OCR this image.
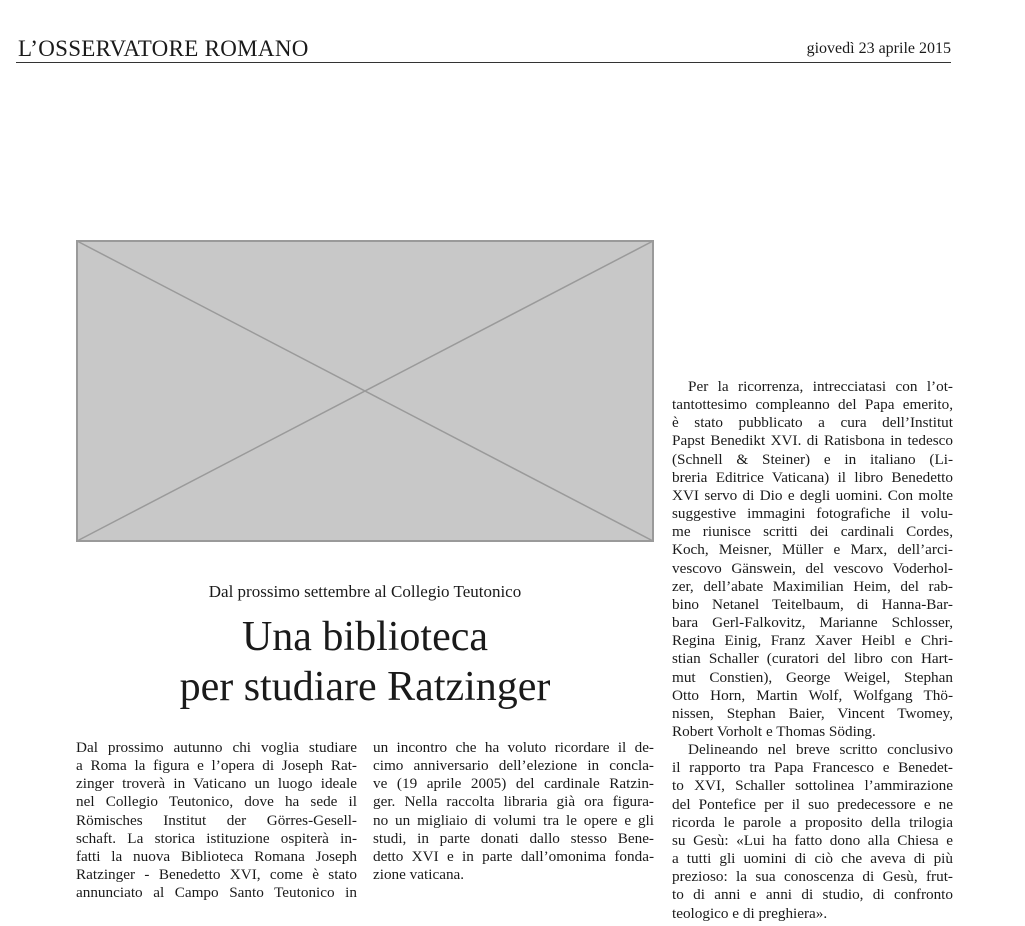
L’OSSERVATORE ROMANO	giovedì 23 aprile 2015
Dal prossimo settembre al Collegio Teutonico
Una biblioteca
per studiare Ratzinger
Dal prossimo autunno chi voglia studiare
a Roma la figura e l’opera di Joseph Rat-
zinger troverà in Vaticano un luogo ideale
nel Collegio Teutonico, dove ha sede il
Römisches Institut der Görres-Gesell-
schaft. La storica istituzione ospiterà in-
fatti la nuova Biblioteca Romana Joseph
Ratzinger - Benedetto XVI, come è stato
annunciato al Campo Santo Teutonico in
un incontro che ha voluto ricordare il de-
cimo anniversario dell’elezione in concla-
ve (19 aprile 2005) del cardinale Ratzin-
ger. Nella raccolta libraria già ora figura-
no un migliaio di volumi tra le opere e gli
studi, in parte donati dallo stesso Bene-
detto XVI e in parte dall’omonima fonda-
zione vaticana.
Per la ricorrenza, intrecciatasi con l’ot-
tantottesimo compleanno del Papa emerito,
è stato pubblicato a cura dell’Institut
Papst Benedikt XVI. di Ratisbona in tedesco
(Schnell & Steiner) e in italiano (Li-
breria Editrice Vaticana) il libro Benedetto
XVI servo di Dio e degli uomini. Con molte
suggestive immagini fotografiche il volu-
me riunisce scritti dei cardinali Cordes,
Koch, Meisner, Müller e Marx, dell’arci-
vescovo Gänswein, del vescovo Voderhol-
zer, dell’abate Maximilian Heim, del rab-
bino Netanel Teitelbaum, di Hanna-Bar-
bara Gerl-Falkovitz, Marianne Schlosser,
Regina Einig, Franz Xaver Heibl e Chri-
stian Schaller (curatori del libro con Hart-
mut Constien), George Weigel, Stephan
Otto Horn, Martin Wolf, Wolfgang Thö-
nissen, Stephan Baier, Vincent Twomey,
Robert Vorholt e Thomas Söding.
Delineando nel breve scritto conclusivo
il rapporto tra Papa Francesco e Benedet-
to XVI, Schaller sottolinea l’ammirazione
del Pontefice per il suo predecessore e ne
ricorda le parole a proposito della trilogia
su Gesù: «Lui ha fatto dono alla Chiesa e
a tutti gli uomini di ciò che aveva di più
prezioso: la sua conoscenza di Gesù, frut-
to di anni e anni di studio, di confronto
teologico e di preghiera».
